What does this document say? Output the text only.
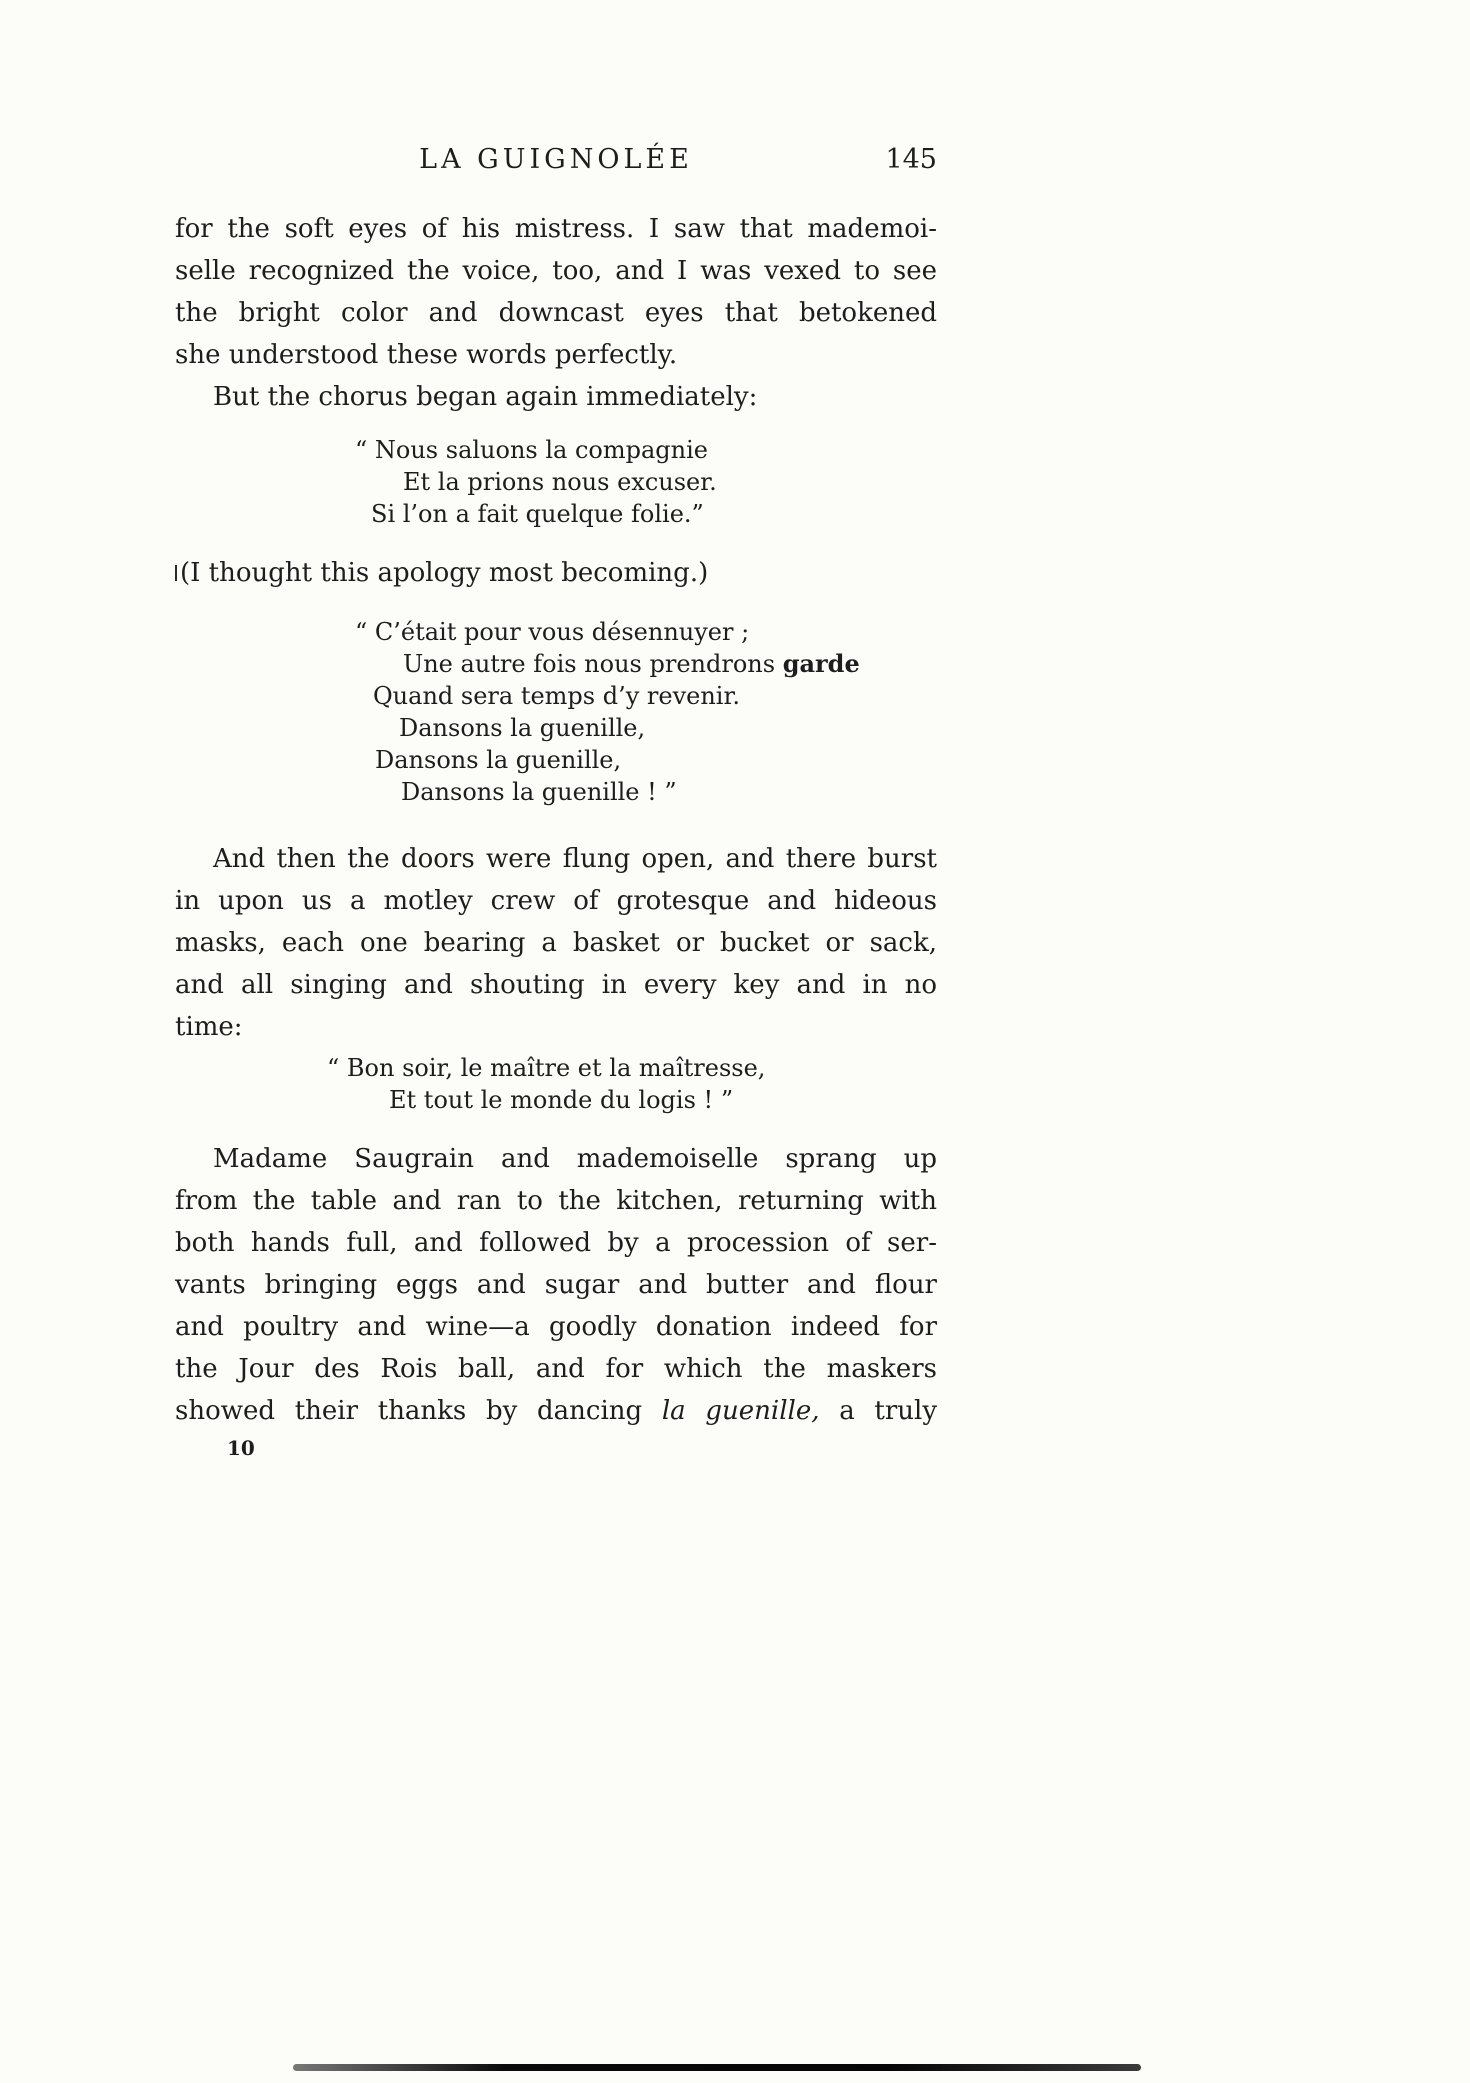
LA GUIGNOLÉE	145
for the soft eyes of his mistress. I saw that mademoi-
selle recognized the voice, too, and I was vexed to see
the bright color and downcast eyes that betokened
she understood these words perfectly.
But the chorus began again immediately:
“ Nous saluons la compagnie
Et la prions nous excuser.
Si l’on a fait quelque folie.”
(I thought this apology most becoming.)
“ C’était pour vous désennuyer ;
Une autre fois nous prendrons garde
Quand sera temps d’y revenir.
Dansons la guenille,
Dansons la guenille,
Dansons la guenille ! ”
And then the doors were flung open, and there burst
in upon us a motley crew of grotesque and hideous
masks, each one bearing a basket or bucket or sack,
and all singing and shouting in every key and in no
time:
“ Bon soir, le maître et la maîtresse,
Et tout le monde du logis ! ”
Madame Saugrain and mademoiselle sprang up
from the table and ran to the kitchen, returning with
both hands full, and followed by a procession of ser-
vants bringing eggs and sugar and butter and flour
and poultry and wine—a goodly donation indeed for
the Jour des Rois ball, and for which the maskers
showed their thanks by dancing la guenille, a truly
10
